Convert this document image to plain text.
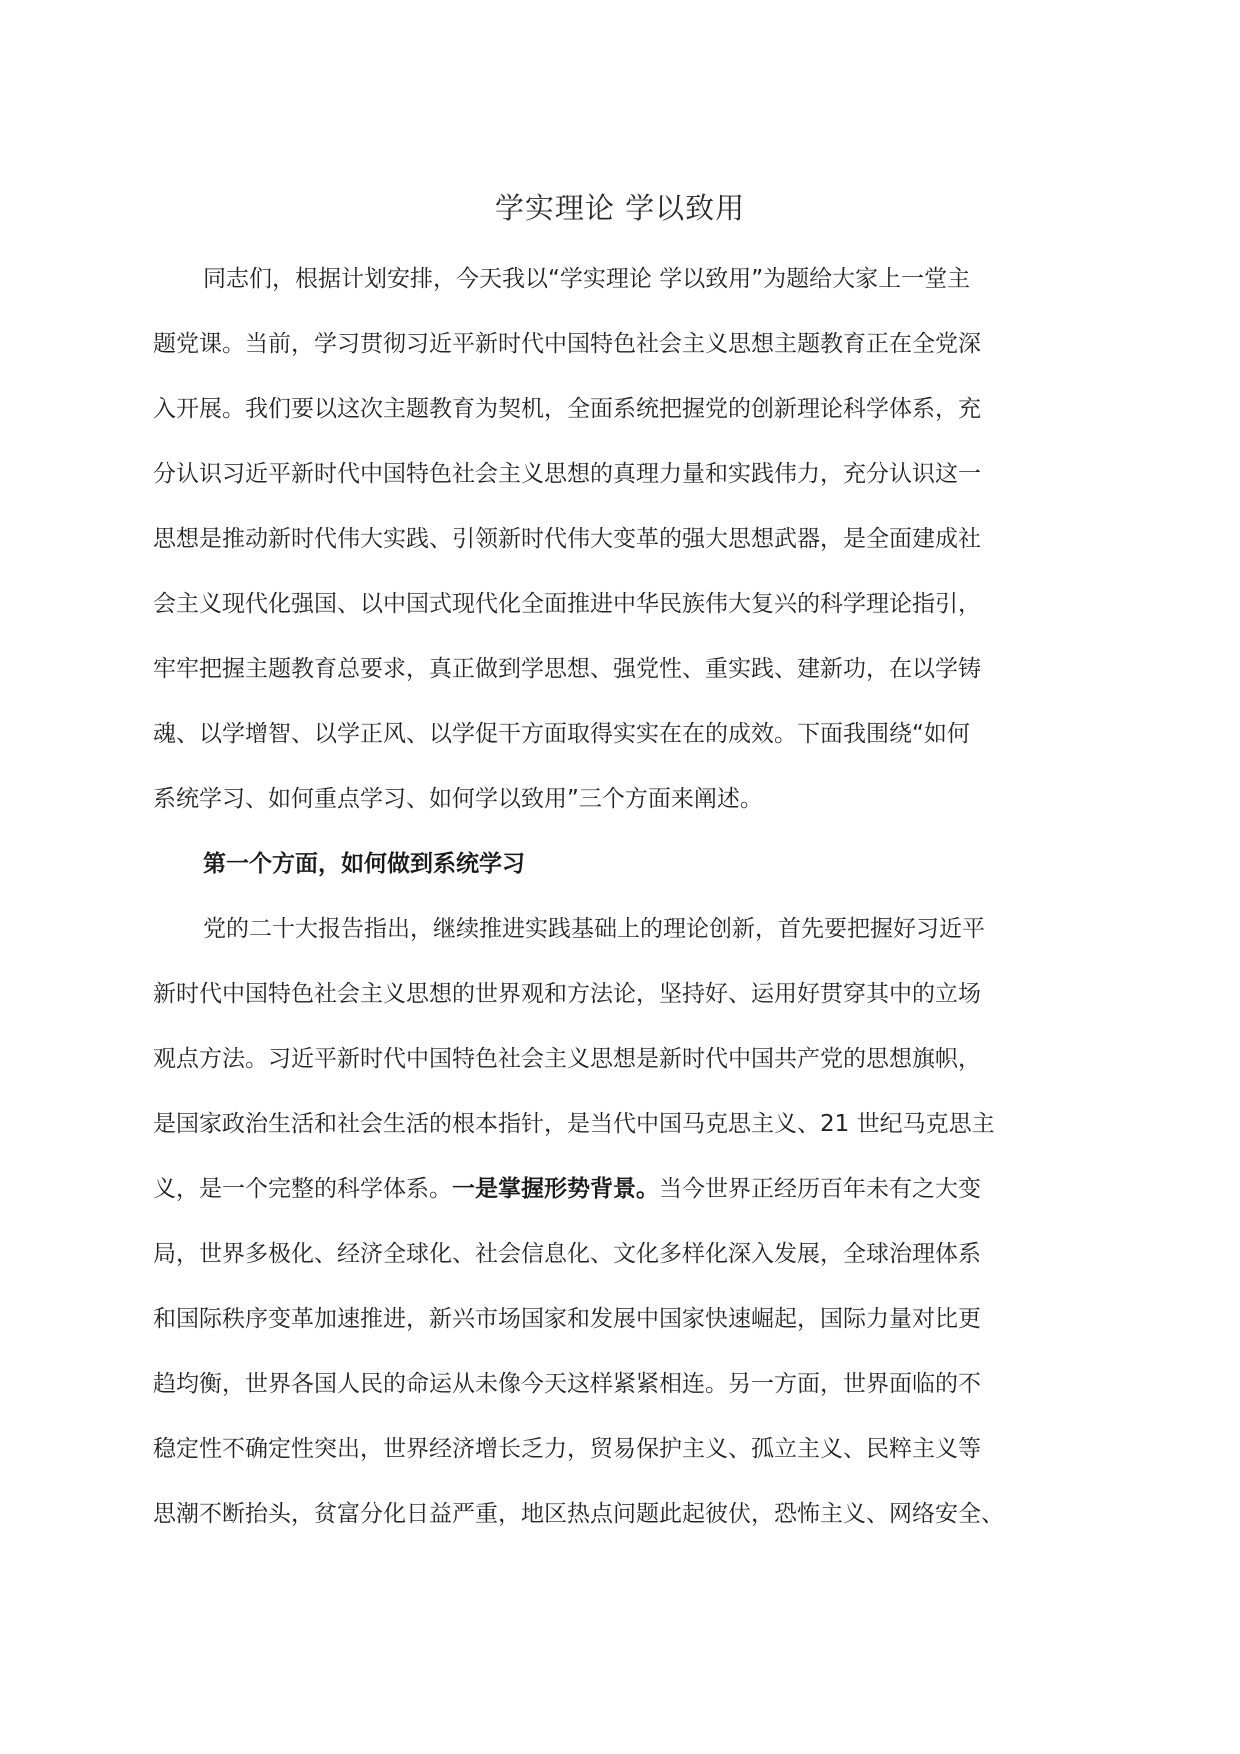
学实理论 学以致用
同志们，根据计划安排，今天我以“学实理论 学以致用”为题给大家上一堂主
题党课。当前，学习贯彻习近平新时代中国特色社会主义思想主题教育正在全党深
入开展。我们要以这次主题教育为契机，全面系统把握党的创新理论科学体系，充
分认识习近平新时代中国特色社会主义思想的真理力量和实践伟力，充分认识这一
思想是推动新时代伟大实践、引领新时代伟大变革的强大思想武器，是全面建成社
会主义现代化强国、以中国式现代化全面推进中华民族伟大复兴的科学理论指引，
牢牢把握主题教育总要求，真正做到学思想、强党性、重实践、建新功，在以学铸
魂、以学增智、以学正风、以学促干方面取得实实在在的成效。下面我围绕“如何
系统学习、如何重点学习、如何学以致用”三个方面来阐述。
第一个方面，如何做到系统学习
党的二十大报告指出，继续推进实践基础上的理论创新，首先要把握好习近平
新时代中国特色社会主义思想的世界观和方法论，坚持好、运用好贯穿其中的立场
观点方法。习近平新时代中国特色社会主义思想是新时代中国共产党的思想旗帜，
是国家政治生活和社会生活的根本指针，是当代中国马克思主义、21 世纪马克思主
义，是一个完整的科学体系。一是掌握形势背景。当今世界正经历百年未有之大变
局，世界多极化、经济全球化、社会信息化、文化多样化深入发展，全球治理体系
和国际秩序变革加速推进，新兴市场国家和发展中国家快速崛起，国际力量对比更
趋均衡，世界各国人民的命运从未像今天这样紧紧相连。另一方面，世界面临的不
稳定性不确定性突出，世界经济增长乏力，贸易保护主义、孤立主义、民粹主义等
思潮不断抬头，贫富分化日益严重，地区热点问题此起彼伏，恐怖主义、网络安全、
